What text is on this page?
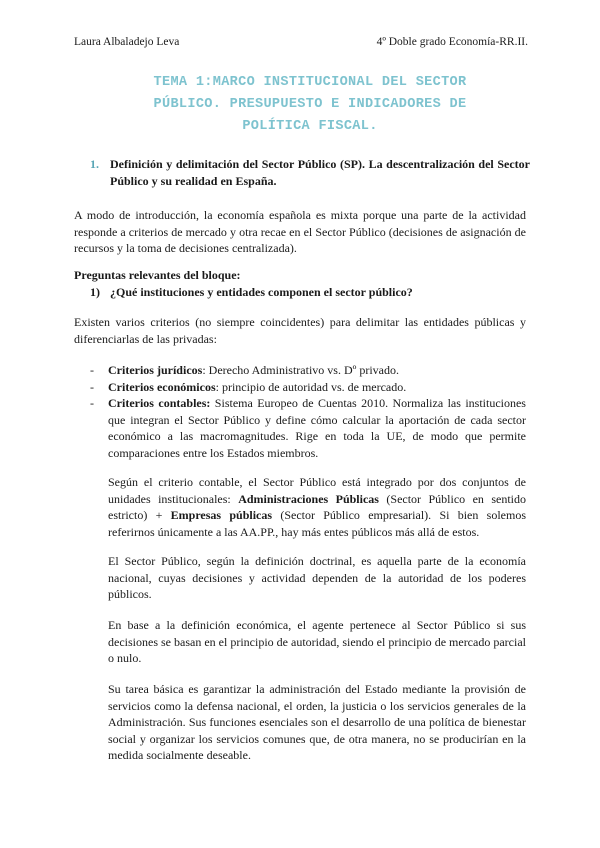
Laura Albaladejo Leva	4º Doble grado Economía-RR.II.
TEMA 1:MARCO INSTITUCIONAL DEL SECTOR
PÚBLICO. PRESUPUESTO E INDICADORES DE
POLÍTICA FISCAL.
1. Definición y delimitación del Sector Público (SP). La descentralización del Sector Público y su realidad en España.
A modo de introducción, la economía española es mixta porque una parte de la actividad responde a criterios de mercado y otra recae en el Sector Público (decisiones de asignación de recursos y la toma de decisiones centralizada).
Preguntas relevantes del bloque:
1) ¿Qué instituciones y entidades componen el sector público?
Existen varios criterios (no siempre coincidentes) para delimitar las entidades públicas y diferenciarlas de las privadas:
- Criterios jurídicos: Derecho Administrativo vs. Dº privado.
- Criterios económicos: principio de autoridad vs. de mercado.
- Criterios contables: Sistema Europeo de Cuentas 2010. Normaliza las instituciones que integran el Sector Público y define cómo calcular la aportación de cada sector económico a las macromagnitudes. Rige en toda la UE, de modo que permite comparaciones entre los Estados miembros.
Según el criterio contable, el Sector Público está integrado por dos conjuntos de unidades institucionales: Administraciones Públicas (Sector Público en sentido estricto) + Empresas públicas (Sector Público empresarial). Si bien solemos referirnos únicamente a las AA.PP., hay más entes públicos más allá de estos.
El Sector Público, según la definición doctrinal, es aquella parte de la economía nacional, cuyas decisiones y actividad dependen de la autoridad de los poderes públicos.
En base a la definición económica, el agente pertenece al Sector Público si sus decisiones se basan en el principio de autoridad, siendo el principio de mercado parcial o nulo.
Su tarea básica es garantizar la administración del Estado mediante la provisión de servicios como la defensa nacional, el orden, la justicia o los servicios generales de la Administración. Sus funciones esenciales son el desarrollo de una política de bienestar social y organizar los servicios comunes que, de otra manera, no se producirían en la medida socialmente deseable.
